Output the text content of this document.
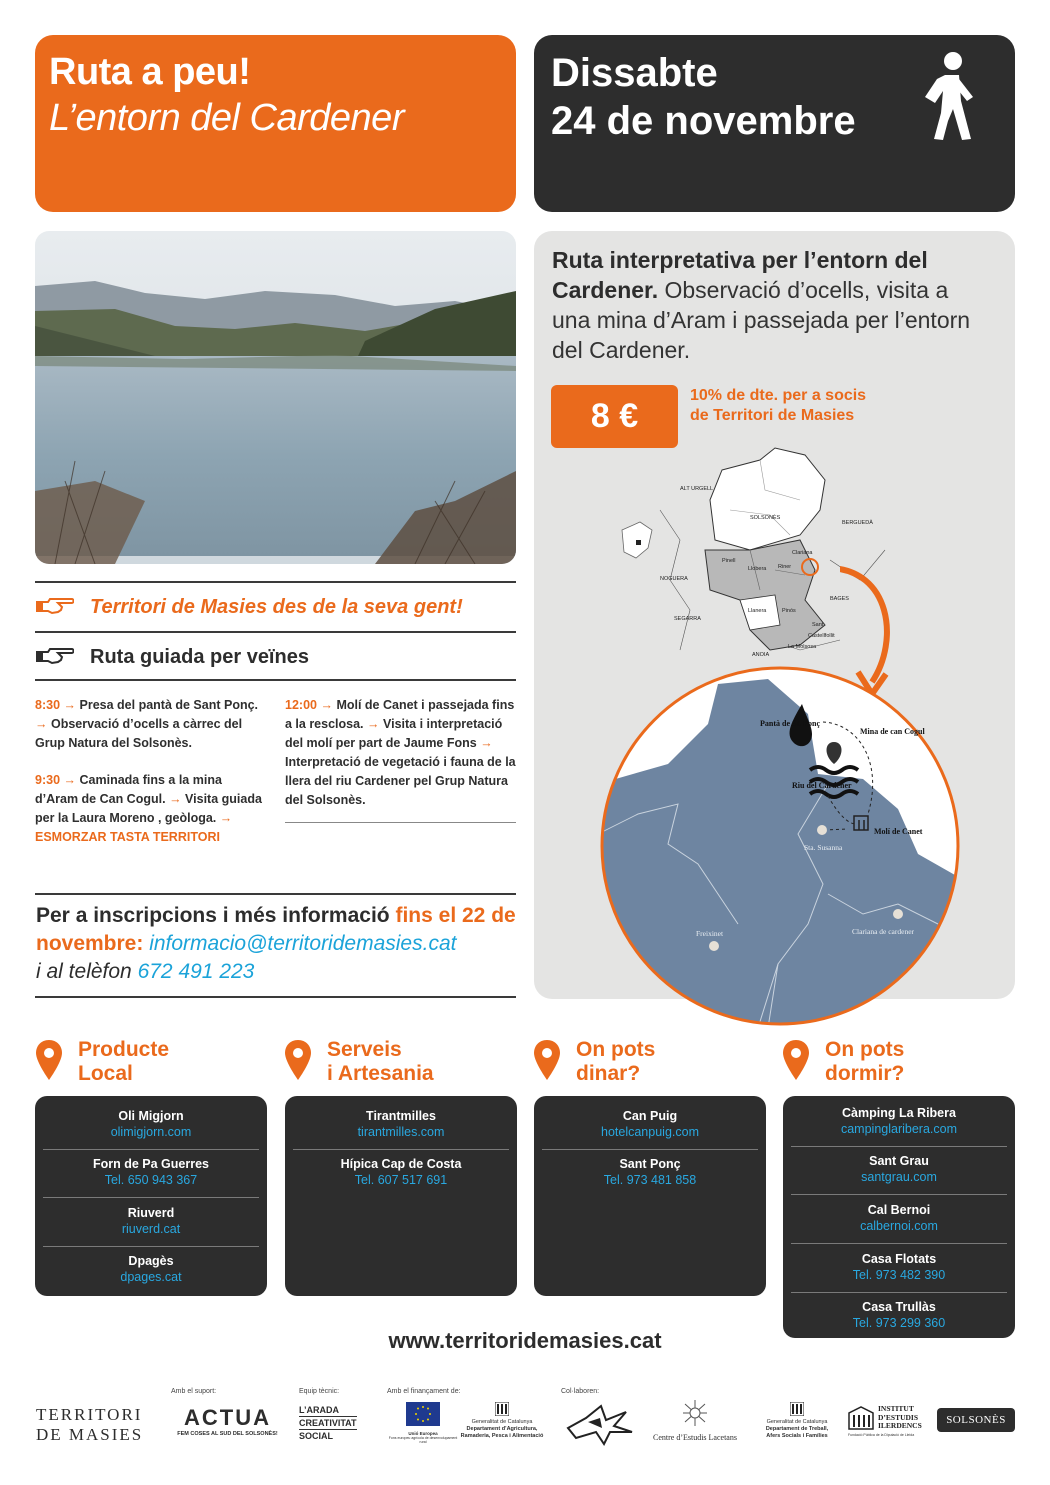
Ruta a peu!
L’entorn del Cardener
Dissabte
24 de novembre
Ruta interpretativa per l’entorn del Cardener. Observació d’ocells, visita a una mina d’Aram i passejada per l’entorn del Cardener.
8 €
10% de dte. per a socis
de Territori de Masies
ALT URGELL
SOLSONÈS
BERGUEDÀ
NOGUERA
Pinell
Llobera Riner
Clariana
SEGARRA
Llanera	Pinós
BAGES
Sant
Castellfollit
La Molsosa
ANOIA
Pantà de St. Ponç
Mina de can Cogul
Riu del Cardener
Molí de Canet
Sta. Susanna
Clariana de cardener
Freixinet
Territori de Masies des de la seva gent!
Ruta guiada per veïnes
8:30 → Presa del pantà de Sant Ponç. → Observació d’ocells a càrrec del Grup Natura del Solsonès.
9:30 → Caminada fins a la mina d’Aram de Can Cogul. → Visita guiada per la Laura Moreno , geòloga. → ESMORZAR TASTA TERRITORI
12:00 → Molí de Canet i passejada fins a la resclosa. → Visita i interpretació del molí per part de Jaume Fons → Interpretació de vegetació i fauna de la llera del riu Cardener pel Grup Natura del Solsonès.
Per a inscripcions i més informació fins el 22 de novembre: informacio@territoridemasies.cat
i al telèfon 672 491 223
Producte
Local
Serveis
i Artesania
On pots
dinar?
On pots
dormir?
Oli Migjorn
olimigjorn.com
Forn de Pa Guerres
Tel. 650 943 367
Riuverd
riuverd.cat
Dpagès
dpages.cat
Tirantmilles
tirantmilles.com
Hípica Cap de Costa
Tel. 607 517 691
Can Puig
hotelcanpuig.com
Sant Ponç
Tel. 973 481 858
Càmping La Ribera
campinglaribera.com
Sant Grau
santgrau.com
Cal Bernoi
calbernoi.com
Casa Flotats
Tel. 973 482 390
Casa Trullàs
Tel. 973 299 360
www.territoridemasies.cat
Amb el suport:	Equip tècnic:	Amb el finançament de:	Col·laboren:
TERRITORI
DE MASIES
ACTUA
FEM COSES AL SUD DEL SOLSONÈS!
L’ARADA
CREATIVITAT
SOCIAL	Unió Europea
Fons europeu agrícola de desenvolupament rural
Generalitat de Catalunya
Departament d’Agricultura,
Ramaderia, Pesca i Alimentació	Centre d’Estudis Lacetans
Generalitat de Catalunya
Departament de Treball,
Afers Socials i Famílies
INSTITUT
D’ESTUDIS
ILERDENCS
Fundació Pública de la Diputació de Lleida
SOLSONÈS
